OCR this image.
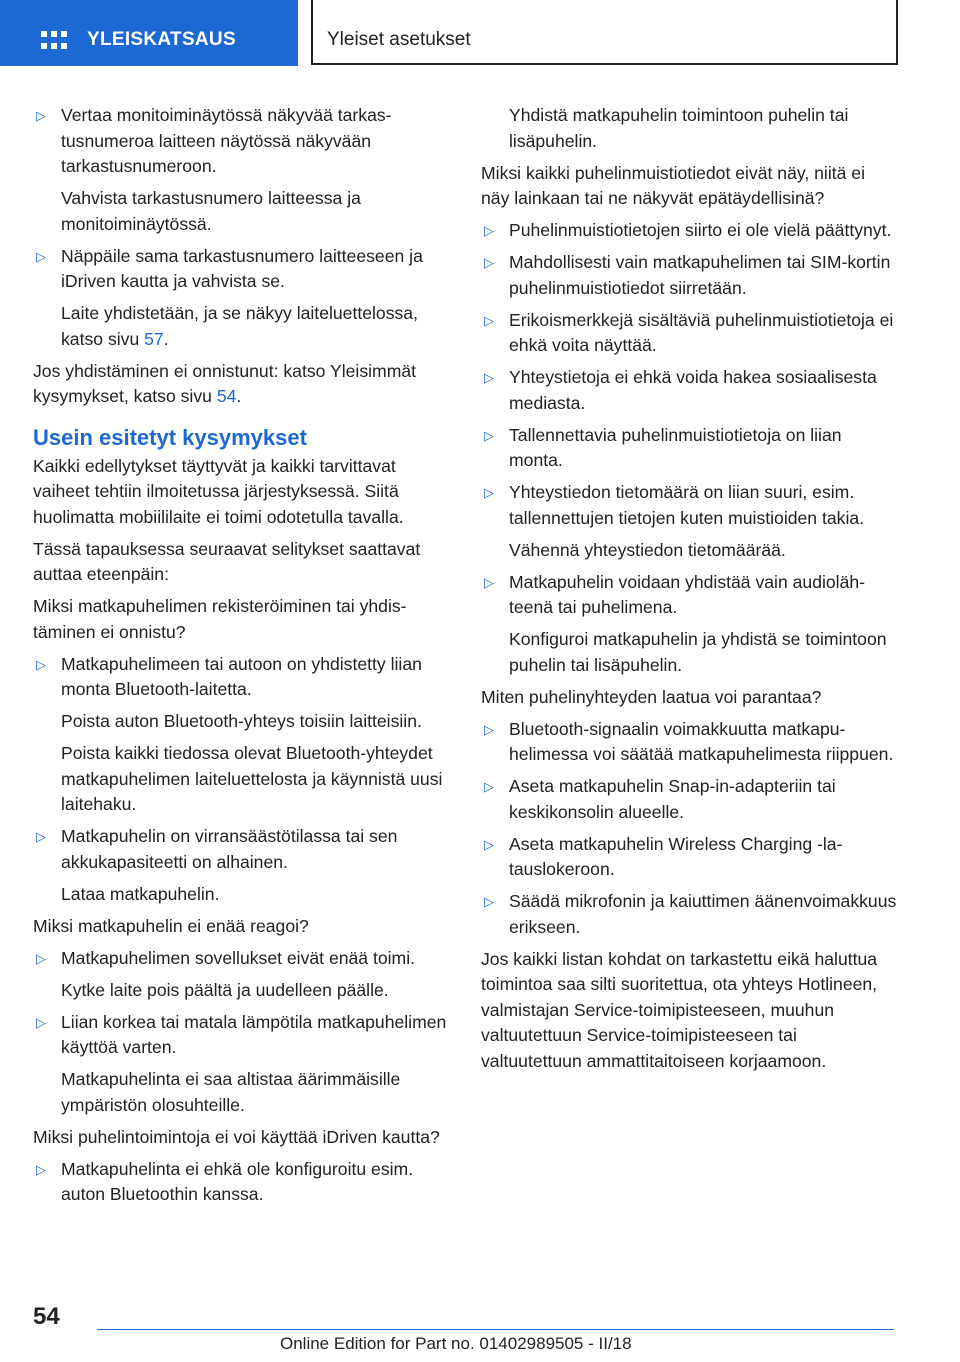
YLEISKATSAUS	Yleiset asetukset
▷ Vertaa monitoiminäytössä näkyvää tarkastusnumeroa laitteen näytössä näkyvään tarkastusnumeroon.
Vahvista tarkastusnumero laitteessa ja monitoiminäytössä.
▷ Näppäile sama tarkastusnumero laitteeseen ja iDriven kautta ja vahvista se.
Laite yhdistetään, ja se näkyy laiteluettelossa, katso sivu 57.
Jos yhdistäminen ei onnistunut: katso Yleisimmät kysymykset, katso sivu 54.
Usein esitetyt kysymykset
Kaikki edellytykset täyttyvät ja kaikki tarvittavat vaiheet tehtiin ilmoitetussa järjestyksessä. Siitä huolimatta mobiililaite ei toimi odotetulla tavalla.
Tässä tapauksessa seuraavat selitykset saattavat auttaa eteenpäin:
Miksi matkapuhelimen rekisteröiminen tai yhdistäminen ei onnistu?
▷ Matkapuhelimeen tai autoon on yhdistetty liian monta Bluetooth-laitetta.
Poista auton Bluetooth-yhteys toisiin laitteisiin.
Poista kaikki tiedossa olevat Bluetooth-yhteydet matkapuhelimen laiteluettelosta ja käynnistä uusi laitehaku.
▷ Matkapuhelin on virransäästötilassa tai sen akkukapasiteetti on alhainen.
Lataa matkapuhelin.
Miksi matkapuhelin ei enää reagoi?
▷ Matkapuhelimen sovellukset eivät enää toimi.
Kytke laite pois päältä ja uudelleen päälle.
▷ Liian korkea tai matala lämpötila matkapuhelimen käyttöä varten.
Matkapuhelinta ei saa altistaa äärimmäisille ympäristön olosuhteille.
Miksi puhelintoimintoja ei voi käyttää iDriven kautta?
▷ Matkapuhelinta ei ehkä ole konfiguroitu esim. auton Bluetoothin kanssa.
Yhdistä matkapuhelin toimintoon puhelin tai lisäpuhelin.
Miksi kaikki puhelinmuistiotiedot eivät näy, niitä ei näy lainkaan tai ne näkyvät epätäydellisinä?
▷ Puhelinmuistiotietojen siirto ei ole vielä päättynyt.
▷ Mahdollisesti vain matkapuhelimen tai SIM-kortin puhelinmuistiotiedot siirretään.
▷ Erikoismerkkejä sisältäviä puhelinmuistiotietoja ei ehkä voita näyttää.
▷ Yhteystietoja ei ehkä voida hakea sosiaalisesta mediasta.
▷ Tallennettavia puhelinmuistiotietoja on liian monta.
▷ Yhteystiedon tietomäärä on liian suuri, esim. tallennettujen tietojen kuten muistioiden takia.
Vähennä yhteystiedon tietomäärää.
▷ Matkapuhelin voidaan yhdistää vain audiolähteenä tai puhelimena.
Konfiguroi matkapuhelin ja yhdistä se toimintoon puhelin tai lisäpuhelin.
Miten puhelinyhteyden laatua voi parantaa?
▷ Bluetooth-signaalin voimakkuutta matkapuhelimessa voi säätää matkapuhelimesta riippuen.
▷ Aseta matkapuhelin Snap-in-adapteriin tai keskikonsolin alueelle.
▷ Aseta matkapuhelin Wireless Charging -latauslokeroon.
▷ Säädä mikrofonin ja kaiuttimen äänenvoimakkuus erikseen.
Jos kaikki listan kohdat on tarkastettu eikä haluttua toimintoa saa silti suoritettua, ota yhteys Hotlineen, valmistajan Service-toimipisteeseen, muuhun valtuutettuun Service-toimipisteeseen tai valtuutettuun ammattitaitoiseen korjaamoon.
54
Online Edition for Part no. 01402989505 - II/18
